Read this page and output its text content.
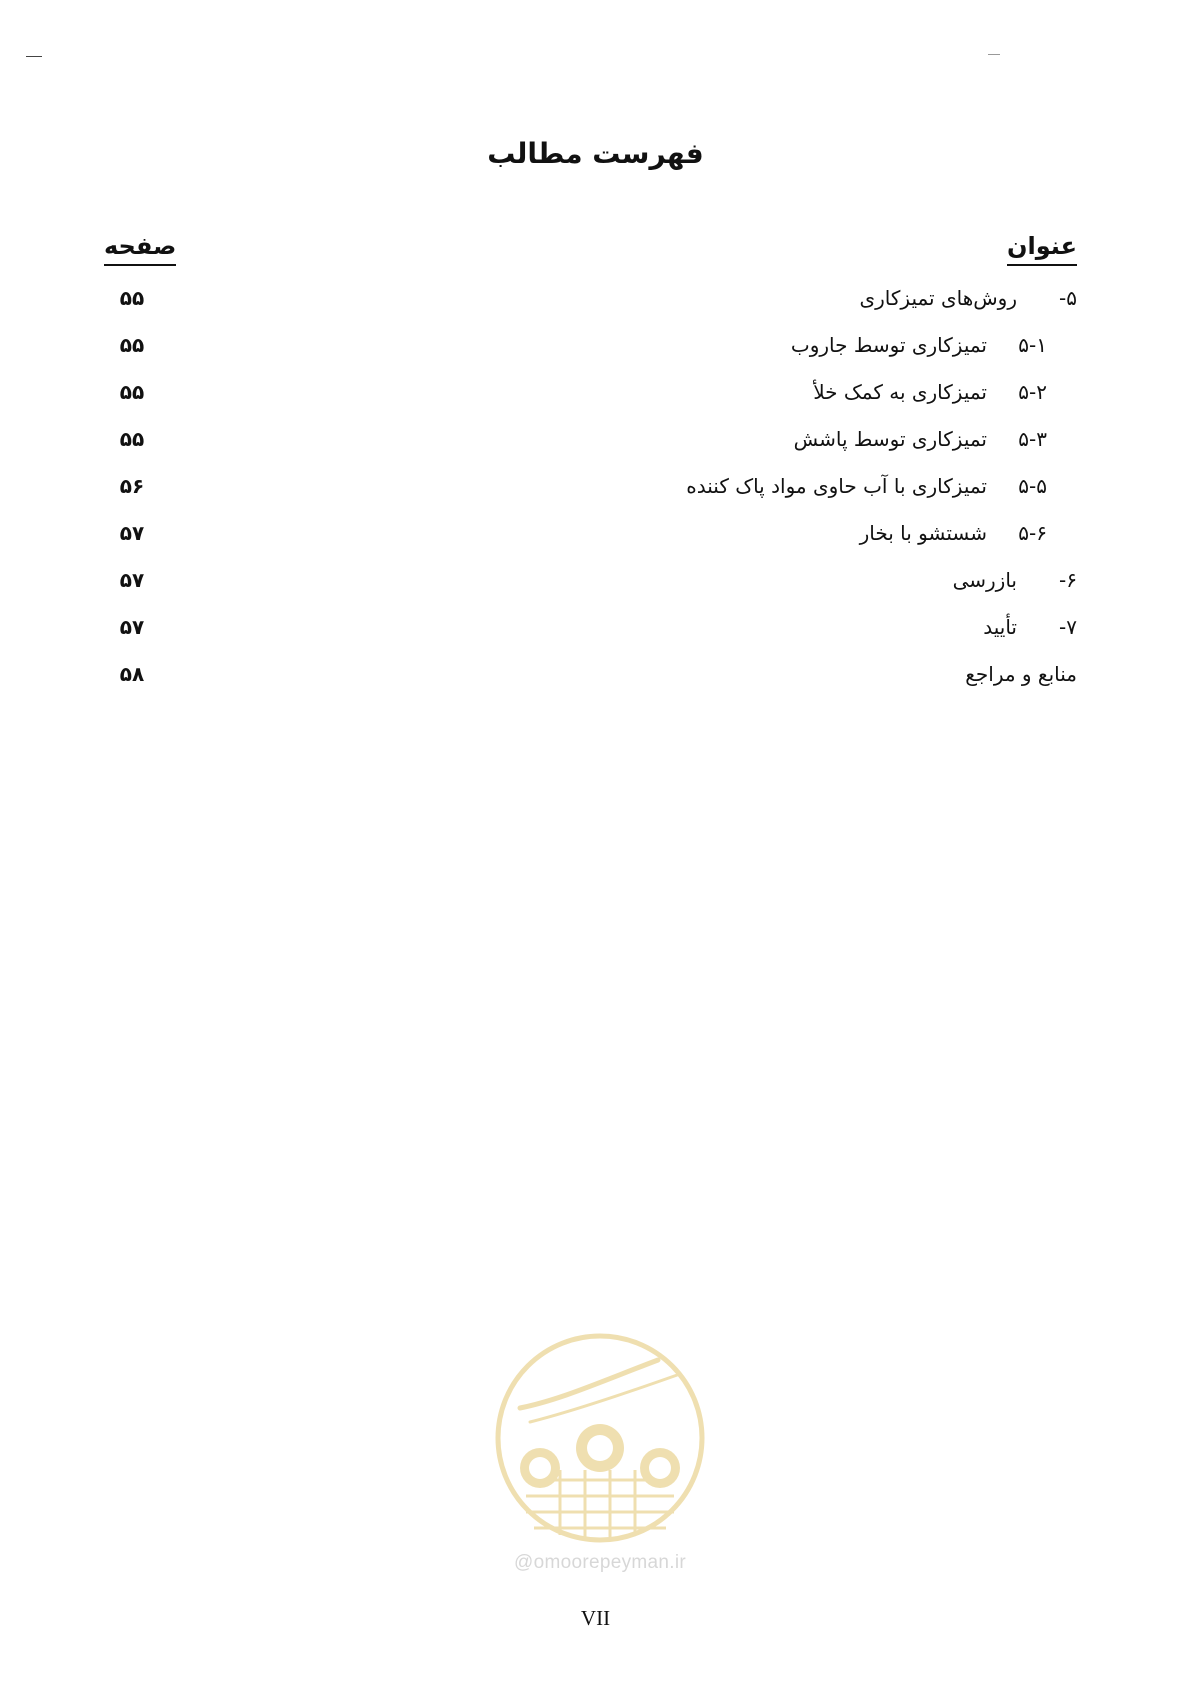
فهرست مطالب
عنوان
صفحه
۵-
روش‌های تمیزکاری
۵۵
۵-۱
تمیزکاری توسط جاروب
۵۵
۵-۲
تمیزکاری به کمک خلأ
۵۵
۵-۳
تمیزکاری توسط پاشش
۵۵
۵-۵
تمیزکاری با آب حاوی مواد پاک کننده
۵۶
۵-۶
شستشو با بخار
۵۷
۶-
بازرسی
۵۷
۷-
تأیید
۵۷
منابع و مراجع
۵۸
@omoorepeyman.ir
VII
